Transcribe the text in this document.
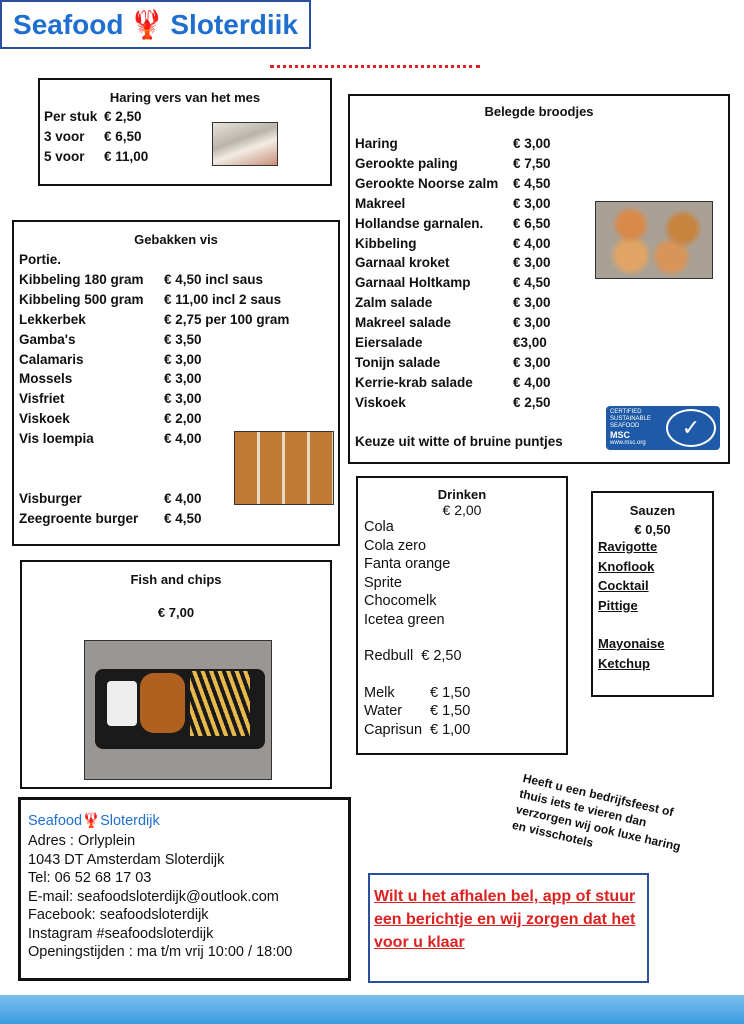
Seafood 🦞 Sloterdiik
Haring vers van het mes
Per stuk € 2,50
3 voor	€ 6,50
5 voor	€ 11,00
Belegde broodjes
Haring	€ 3,00
Gerookte paling	€ 7,50
Gerookte Noorse zalm	€ 4,50
Makreel	€ 3,00
Hollandse garnalen.	€ 6,50
Kibbeling	€ 4,00
Garnaal kroket	€ 3,00
Garnaal Holtkamp	€ 4,50
Zalm salade	€ 3,00
Makreel salade	€ 3,00
Eiersalade	€3,00
Tonijn salade	€ 3,00
Kerrie-krab salade	€ 4,00
Viskoek	€ 2,50
Keuze uit witte of bruine puntjes
CERTIFIED
SUSTAINABLE
SEAFOOD
MSC
www.msc.org
✓
Gebakken vis
Portie.
Kibbeling 180 gram	€ 4,50 incl saus
Kibbeling 500 gram	€ 11,00 incl 2 saus
Lekkerbek	€ 2,75 per 100 gram
Gamba's	€ 3,50
Calamaris	€ 3,00
Mossels	€ 3,00
Visfriet	€ 3,00
Viskoek	€ 2,00
Vis loempia	€ 4,00
Visburger	€ 4,00
Zeegroente burger	€ 4,50
Fish and chips
€ 7,00
Drinken
€ 2,00
Cola
Cola zero
Fanta orange
Sprite
Chocomelk
Icetea green
Redbull € 2,50
Melk	€ 1,50
Water	€ 1,50
Caprisun € 1,00
Sauzen
€ 0,50
Ravigotte
Knoflook
Cocktail
Pittige
Mayonaise
Ketchup
Heeft u een bedrijfsfeest of thuis iets te vieren dan verzorgen wij ook luxe haring en visschotels
Seafood🦞Sloterdijk
Adres : Orlyplein
1043 DT Amsterdam Sloterdijk
Tel: 06 52 68 17 03
E-mail: seafoodsloterdijk@outlook.com
Facebook: seafoodsloterdijk
Instagram #seafoodsloterdijk
Openingstijden : ma t/m vrij 10:00 / 18:00
Wilt u het afhalen bel, app of stuur een berichtje en wij zorgen dat het voor u klaar
